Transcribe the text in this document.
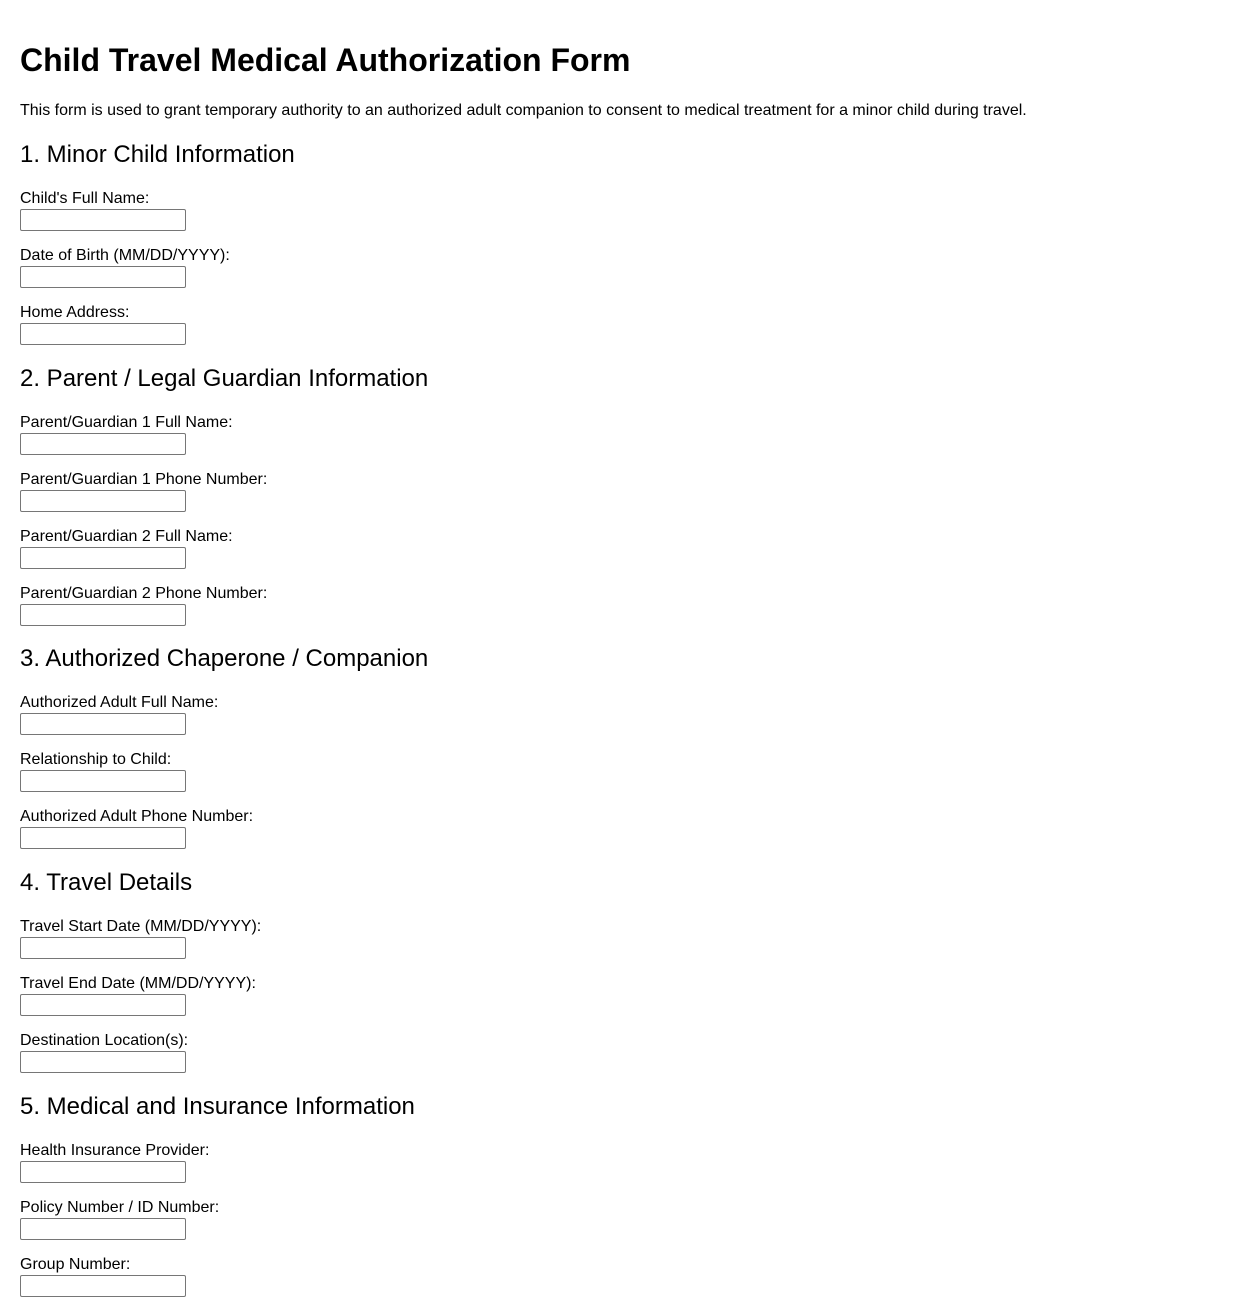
Child Travel Medical Authorization Form

This form is used to grant temporary authority to an authorized adult companion to consent to medical treatment for a minor child during travel.

1. Minor Child Information
Child's Full Name:
Date of Birth (MM/DD/YYYY):
Home Address:
2. Parent / Legal Guardian Information
Parent/Guardian 1 Full Name:
Parent/Guardian 1 Phone Number:
Parent/Guardian 2 Full Name:
Parent/Guardian 2 Phone Number:
3. Authorized Chaperone / Companion
Authorized Adult Full Name:
Relationship to Child:
Authorized Adult Phone Number:
4. Travel Details
Travel Start Date (MM/DD/YYYY):
Travel End Date (MM/DD/YYYY):
Destination Location(s):
5. Medical and Insurance Information
Health Insurance Provider:
Policy Number / ID Number:
Group Number:
